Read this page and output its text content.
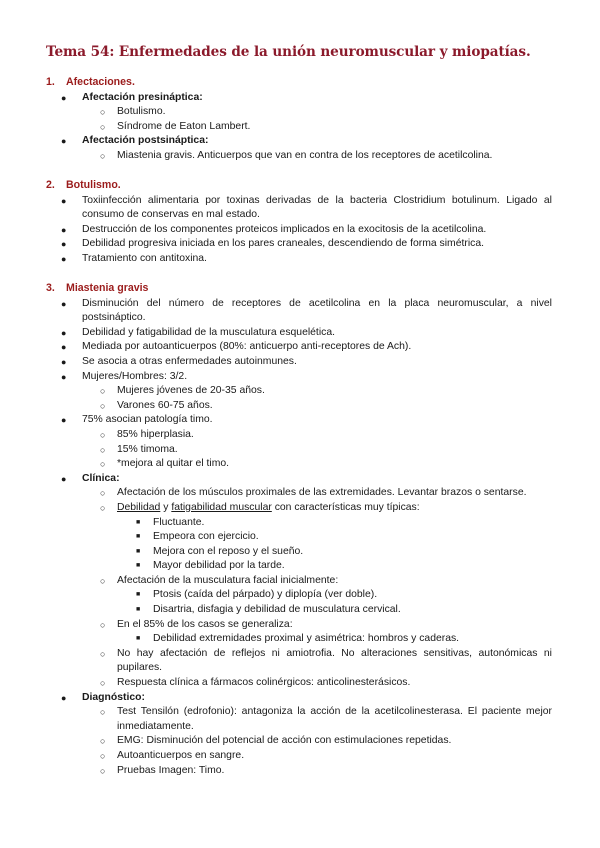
Tema 54: Enfermedades de la unión neuromuscular y miopatías.
1. Afectaciones.
● Afectación presináptica:
○ Botulismo.
○ Síndrome de Eaton Lambert.
● Afectación postsináptica:
○ Miastenia gravis. Anticuerpos que van en contra de los receptores de acetilcolina.
2. Botulismo.
● Toxiinfección alimentaria por toxinas derivadas de la bacteria Clostridium botulinum. Ligado al consumo de conservas en mal estado.
● Destrucción de los componentes proteicos implicados en la exocitosis de la acetilcolina.
● Debilidad progresiva iniciada en los pares craneales, descendiendo de forma simétrica.
● Tratamiento con antitoxina.
3. Miastenia gravis
● Disminución del número de receptores de acetilcolina en la placa neuromuscular, a nivel postsináptico.
● Debilidad y fatigabilidad de la musculatura esquelética.
● Mediada por autoanticuerpos (80%: anticuerpo anti-receptores de Ach).
● Se asocia a otras enfermedades autoinmunes.
● Mujeres/Hombres: 3/2.
○ Mujeres jóvenes de 20-35 años.
○ Varones 60-75 años.
● 75% asocian patología timo.
○ 85% hiperplasia.
○ 15% timoma.
○ *mejora al quitar el timo.
● Clínica:
○ Afectación de los músculos proximales de las extremidades. Levantar brazos o sentarse.
○ Debilidad y fatigabilidad muscular con características muy típicas:
■ Fluctuante.
■ Empeora con ejercicio.
■ Mejora con el reposo y el sueño.
■ Mayor debilidad por la tarde.
○ Afectación de la musculatura facial inicialmente:
■ Ptosis (caída del párpado) y diplopía (ver doble).
■ Disartria, disfagia y debilidad de musculatura cervical.
○ En el 85% de los casos se generaliza:
■ Debilidad extremidades proximal y asimétrica: hombros y caderas.
○ No hay afectación de reflejos ni amiotrofia. No alteraciones sensitivas, autonómicas ni pupilares.
○ Respuesta clínica a fármacos colinérgicos: anticolinesterásicos.
● Diagnóstico:
○ Test Tensilón (edrofonio): antagoniza la acción de la acetilcolinesterasa. El paciente mejor inmediatamente.
○ EMG: Disminución del potencial de acción con estimulaciones repetidas.
○ Autoanticuerpos en sangre.
○ Pruebas Imagen: Timo.
